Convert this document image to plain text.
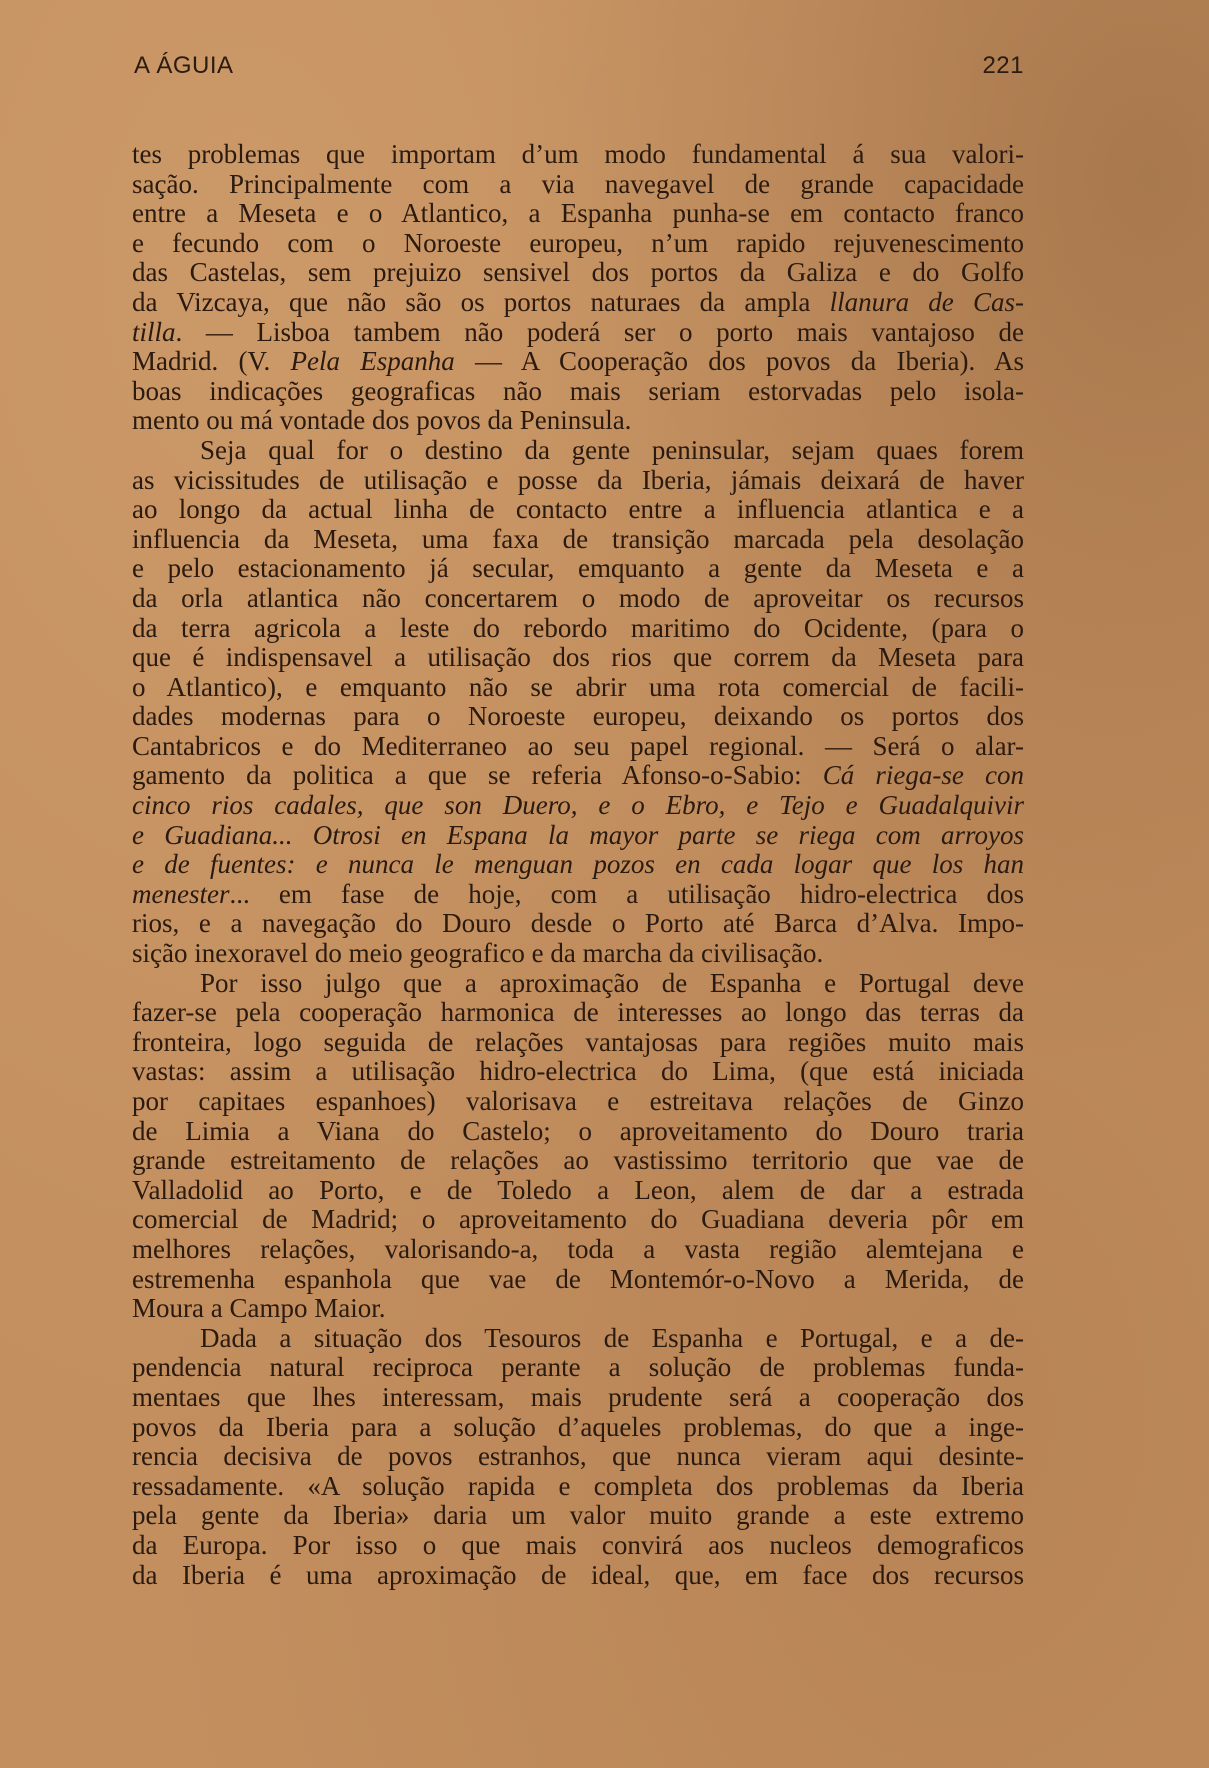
A ÁGUIA	221
tes problemas que importam d’um modo fundamental á sua valori-
sação. Principalmente com a via navegavel de grande capacidade
entre a Meseta e o Atlantico, a Espanha punha-se em contacto franco
e fecundo com o Noroeste europeu, n’um rapido rejuvenescimento
das Castelas, sem prejuizo sensivel dos portos da Galiza e do Golfo
da Vizcaya, que não são os portos naturaes da ampla llanura de Cas-
tilla. — Lisboa tambem não poderá ser o porto mais vantajoso de
Madrid. (V. Pela Espanha — A Cooperação dos povos da Iberia). As
boas indicações geograficas não mais seriam estorvadas pelo isola-
mento ou má vontade dos povos da Peninsula.
Seja qual for o destino da gente peninsular, sejam quaes forem
as vicissitudes de utilisação e posse da Iberia, jámais deixará de haver
ao longo da actual linha de contacto entre a influencia atlantica e a
influencia da Meseta, uma faxa de transição marcada pela desolação
e pelo estacionamento já secular, emquanto a gente da Meseta e a
da orla atlantica não concertarem o modo de aproveitar os recursos
da terra agricola a leste do rebordo maritimo do Ocidente, (para o
que é indispensavel a utilisação dos rios que correm da Meseta para
o Atlantico), e emquanto não se abrir uma rota comercial de facili-
dades modernas para o Noroeste europeu, deixando os portos dos
Cantabricos e do Mediterraneo ao seu papel regional. — Será o alar-
gamento da politica a que se referia Afonso-o-Sabio: Cá riega-se con
cinco rios cadales, que son Duero, e o Ebro, e Tejo e Guadalquivir
e Guadiana... Otrosi en Espana la mayor parte se riega com arroyos
e de fuentes: e nunca le menguan pozos en cada logar que los han
menester... em fase de hoje, com a utilisação hidro-electrica dos
rios, e a navegação do Douro desde o Porto até Barca d’Alva. Impo-
sição inexoravel do meio geografico e da marcha da civilisação.
Por isso julgo que a aproximação de Espanha e Portugal deve
fazer-se pela cooperação harmonica de interesses ao longo das terras da
fronteira, logo seguida de relações vantajosas para regiões muito mais
vastas: assim a utilisação hidro-electrica do Lima, (que está iniciada
por capitaes espanhoes) valorisava e estreitava relações de Ginzo
de Limia a Viana do Castelo; o aproveitamento do Douro traria
grande estreitamento de relações ao vastissimo territorio que vae de
Valladolid ao Porto, e de Toledo a Leon, alem de dar a estrada
comercial de Madrid; o aproveitamento do Guadiana deveria pôr em
melhores relações, valorisando-a, toda a vasta região alemtejana e
estremenha espanhola que vae de Montemór-o-Novo a Merida, de
Moura a Campo Maior.
Dada a situação dos Tesouros de Espanha e Portugal, e a de-
pendencia natural reciproca perante a solução de problemas funda-
mentaes que lhes interessam, mais prudente será a cooperação dos
povos da Iberia para a solução d’aqueles problemas, do que a inge-
rencia decisiva de povos estranhos, que nunca vieram aqui desinte-
ressadamente. «A solução rapida e completa dos problemas da Iberia
pela gente da Iberia» daria um valor muito grande a este extremo
da Europa. Por isso o que mais convirá aos nucleos demograficos
da Iberia é uma aproximação de ideal, que, em face dos recursos
